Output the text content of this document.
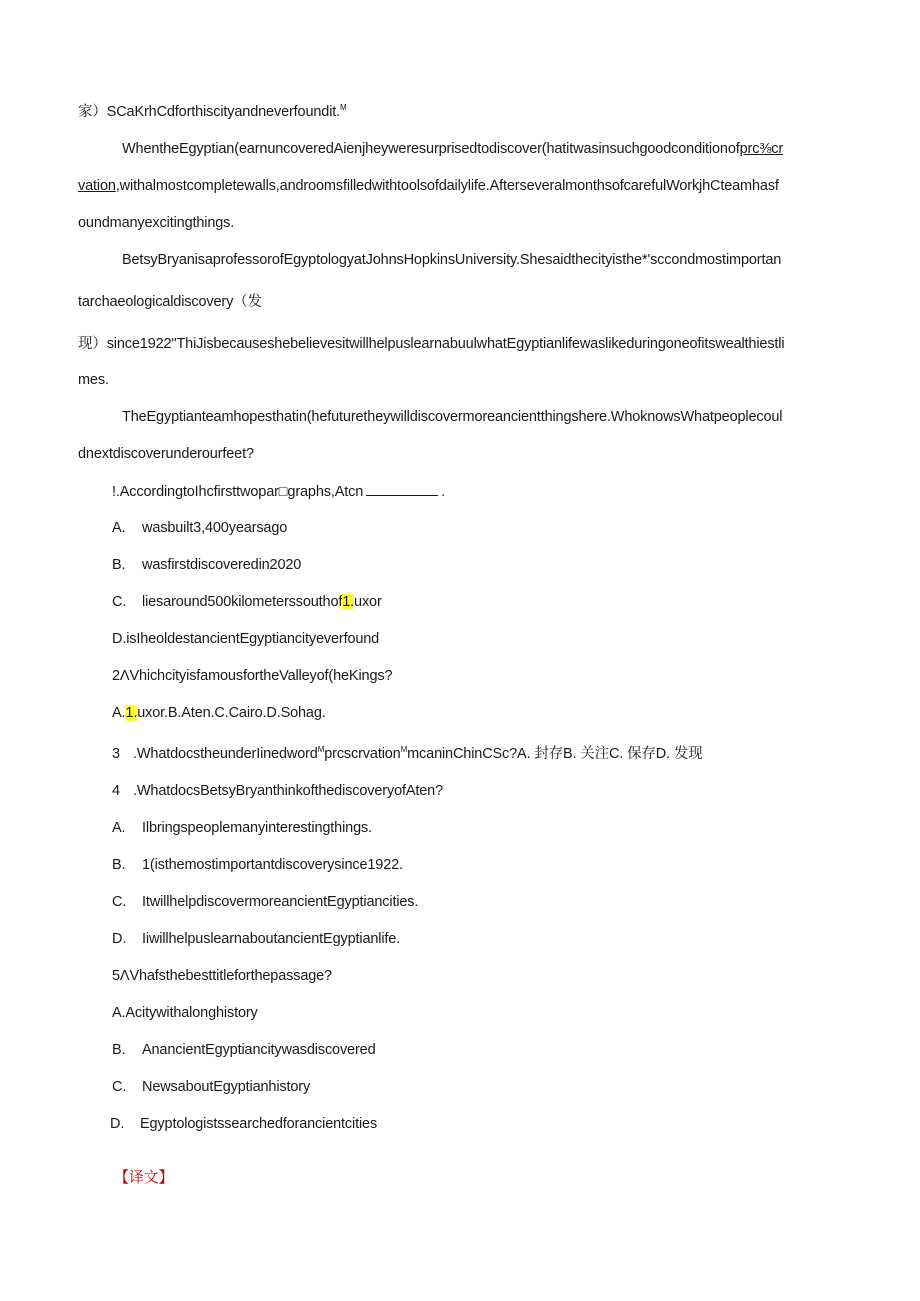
家）SCaKrhCdforthiscityandneverfoundit.$^M$
WhentheEgyptian(earnuncoveredAienjheyweresurprisedtodiscover(hatitwasinsuchgoodconditionofprc⅜cr
vation,withalmostcompletewalls,androomsfilledwithtoolsofdailylife.AfterseveralmonthsofcarefulWorkjhCteamhasf
oundmanyexcitingthings.
BetsyBryanisaprofessorofEgyptologyatJohnsHopkinsUniversity.Shesaidthecityisthe*'sccondmostimportan
tarchaeologicaldiscovery（发
现）since1922"ThiJisbecauseshebelievesitwillhelpuslearnabuulwhatEgyptianlifewaslikeduringoneofitswealthiestli
mes.
TheEgyptianteamhopesthatin(hefuturetheywilldiscovermoreancientthingshere.WhoknowsWhatpeoplecoul
dnextdiscoverunderourfeet?
!.AccordingtoIhcfirsttwopar□graphs,Atcn	.
A. wasbuilt3,400yearsago
B. wasfirstdiscoveredin2020
C. liesaround500kilometerssouthof1.uxor
D.isIheoldestancientEgyptiancityeverfound
2ΛVhichcityisfamousfortheValleyof(heKings?
A.1.uxor.B.Aten.C.Cairo.D.Sohag.
3 .WhatdocstheunderIinedword$^M$prcscrvation$^M$mcaninChinCSc?A. 封存B. 关注C. 保存D. 发现
4 .WhatdocsBetsyBryanthinkofthediscoveryofAten?
A. Ilbringspeoplemanyinterestingthings.
B. 1(isthemostimportantdiscoverysince1922.
C. ItwillhelpdiscovermoreancientEgyptiancities.
D. IiwillhelpuslearnaboutancientEgyptianlife.
5ΛVhafsthebesttitleforthepassage?
A.Acitywithalonghistory
B. AnancientEgyptiancitywasdiscovered
C. NewsaboutEgyptianhistory
D. Egyptologistssearchedforancientcities
【译文】
